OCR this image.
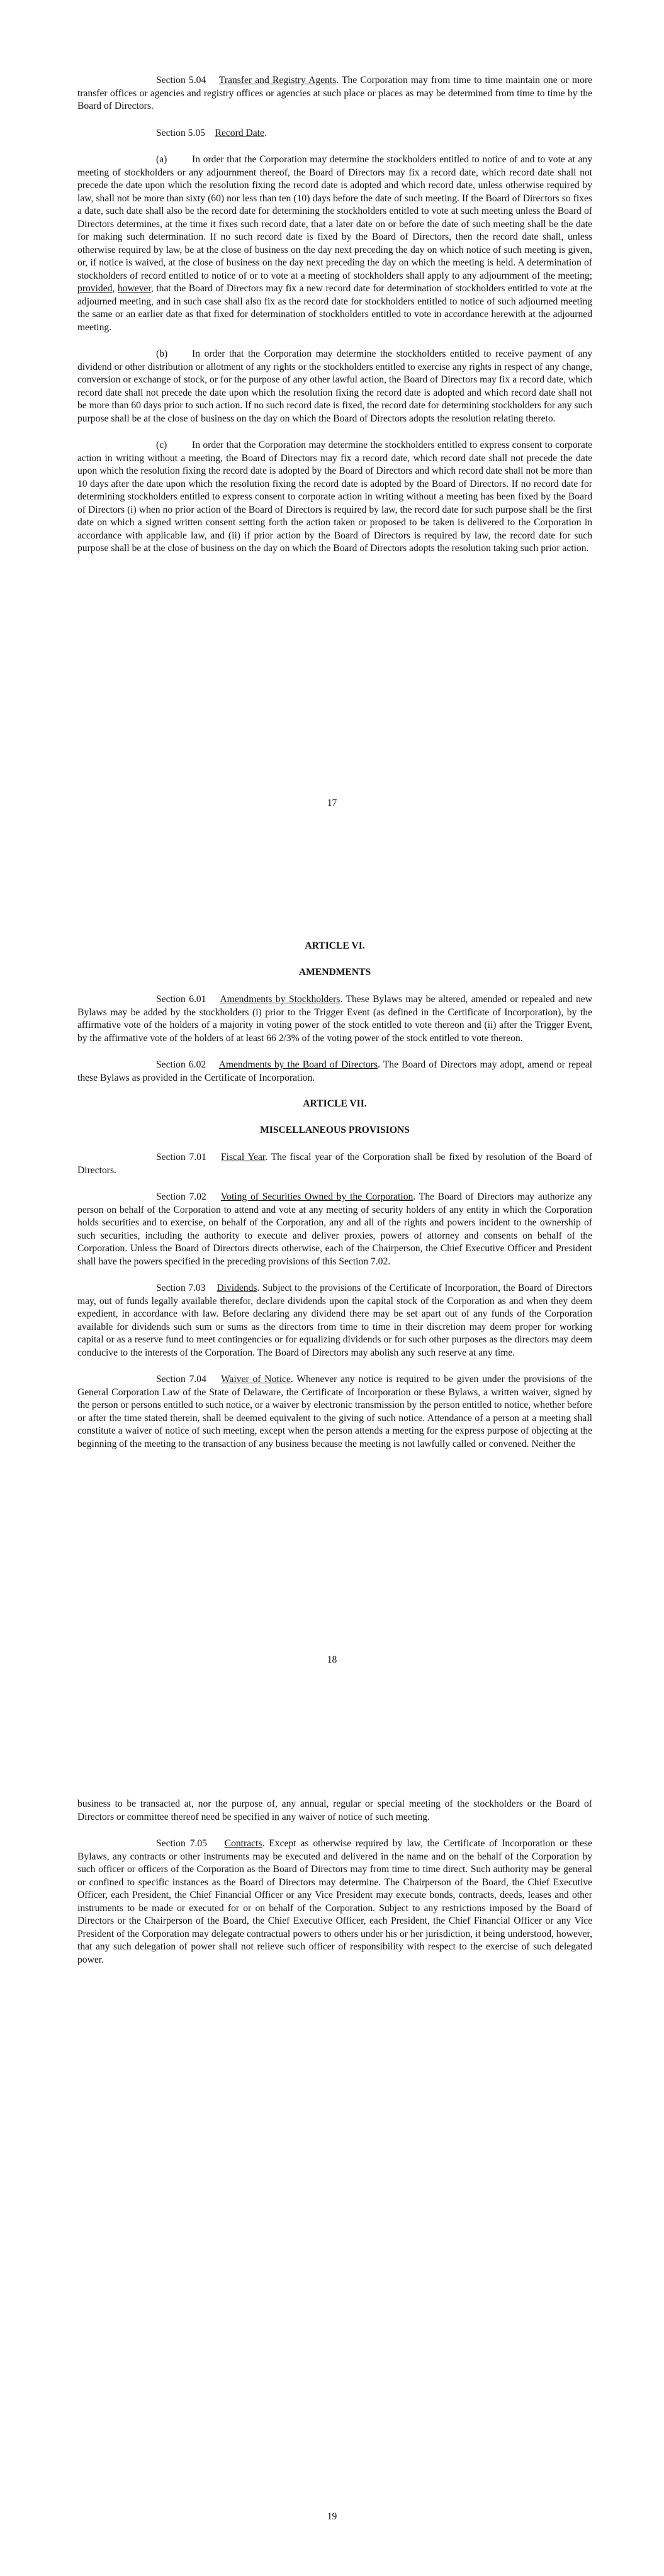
Section 5.04 Transfer and Registry Agents. The Corporation may from time to time maintain one or more transfer offices or agencies and registry offices or agencies at such place or places as may be determined from time to time by the Board of Directors.

Section 5.05 Record Date.

(a)	In order that the Corporation may determine the stockholders entitled to notice of and to vote at any meeting of stockholders or any adjournment thereof, the Board of Directors may fix a record date, which record date shall not precede the date upon which the resolution fixing the record date is adopted and which record date, unless otherwise required by law, shall not be more than sixty (60) nor less than ten (10) days before the date of such meeting. If the Board of Directors so fixes a date, such date shall also be the record date for determining the stockholders entitled to vote at such meeting unless the Board of Directors determines, at the time it fixes such record date, that a later date on or before the date of such meeting shall be the date for making such determination. If no such record date is fixed by the Board of Directors, then the record date shall, unless otherwise required by law, be at the close of business on the day next preceding the day on which notice of such meeting is given, or, if notice is waived, at the close of business on the day next preceding the day on which the meeting is held. A determination of stockholders of record entitled to notice of or to vote at a meeting of stockholders shall apply to any adjournment of the meeting; provided, however, that the Board of Directors may fix a new record date for determination of stockholders entitled to vote at the adjourned meeting, and in such case shall also fix as the record date for stockholders entitled to notice of such adjourned meeting the same or an earlier date as that fixed for determination of stockholders entitled to vote in accordance herewith at the adjourned meeting.

(b) In order that the Corporation may determine the stockholders entitled to receive payment of any dividend or other distribution or allotment of any rights or the stockholders entitled to exercise any rights in respect of any change, conversion or exchange of stock, or for the purpose of any other lawful action, the Board of Directors may fix a record date, which record date shall not precede the date upon which the resolution fixing the record date is adopted and which record date shall not be more than 60 days prior to such action. If no such record date is fixed, the record date for determining stockholders for any such purpose shall be at the close of business on the day on which the Board of Directors adopts the resolution relating thereto.

(c)	In order that the Corporation may determine the stockholders entitled to express consent to corporate action in writing without a meeting, the Board of Directors may fix a record date, which record date shall not precede the date upon which the resolution fixing the record date is adopted by the Board of Directors and which record date shall not be more than 10 days after the date upon which the resolution fixing the record date is adopted by the Board of Directors. If no record date for determining stockholders entitled to express consent to corporate action in writing without a meeting has been fixed by the Board of Directors (i) when no prior action of the Board of Directors is required by law, the record date for such purpose shall be the first date on which a signed written consent setting forth the action taken or proposed to be taken is delivered to the Corporation in accordance with applicable law, and (ii) if prior action by the Board of Directors is required by law, the record date for such purpose shall be at the close of business on the day on which the Board of Directors adopts the resolution taking such prior action.

17
ARTICLE VI.
AMENDMENTS

Section 6.01 Amendments by Stockholders. These Bylaws may be altered, amended or repealed and new Bylaws may be added by the stockholders (i) prior to the Trigger Event (as defined in the Certificate of Incorporation), by the affirmative vote of the holders of a majority in voting power of the stock entitled to vote thereon and (ii) after the Trigger Event, by the affirmative vote of the holders of at least 66 2/3% of the voting power of the stock entitled to vote thereon.

Section 6.02 Amendments by the Board of Directors. The Board of Directors may adopt, amend or repeal these Bylaws as provided in the Certificate of Incorporation.

ARTICLE VII.
MISCELLANEOUS PROVISIONS

Section 7.01 Fiscal Year. The fiscal year of the Corporation shall be fixed by resolution of the Board of Directors.

Section 7.02 Voting of Securities Owned by the Corporation. The Board of Directors may authorize any person on behalf of the Corporation to attend and vote at any meeting of security holders of any entity in which the Corporation holds securities and to exercise, on behalf of the Corporation, any and all of the rights and powers incident to the ownership of such securities, including the authority to execute and deliver proxies, powers of attorney and consents on behalf of the Corporation. Unless the Board of Directors directs otherwise, each of the Chairperson, the Chief Executive Officer and President shall have the powers specified in the preceding provisions of this Section 7.02.

Section 7.03 Dividends. Subject to the provisions of the Certificate of Incorporation, the Board of Directors may, out of funds legally available therefor, declare dividends upon the capital stock of the Corporation as and when they deem expedient, in accordance with law. Before declaring any dividend there may be set apart out of any funds of the Corporation available for dividends such sum or sums as the directors from time to time in their discretion may deem proper for working capital or as a reserve fund to meet contingencies or for equalizing dividends or for such other purposes as the directors may deem conducive to the interests of the Corporation. The Board of Directors may abolish any such reserve at any time.

Section 7.04 Waiver of Notice. Whenever any notice is required to be given under the provisions of the General Corporation Law of the State of Delaware, the Certificate of Incorporation or these Bylaws, a written waiver, signed by the person or persons entitled to such notice, or a waiver by electronic transmission by the person entitled to notice, whether before or after the time stated therein, shall be deemed equivalent to the giving of such notice. Attendance of a person at a meeting shall constitute a waiver of notice of such meeting, except when the person attends a meeting for the express purpose of objecting at the beginning of the meeting to the transaction of any business because the meeting is not lawfully called or convened. Neither the

18

business to be transacted at, nor the purpose of, any annual, regular or special meeting of the stockholders or the Board of Directors or committee thereof need be specified in any waiver of notice of such meeting.

Section 7.05 Contracts. Except as otherwise required by law, the Certificate of Incorporation or these Bylaws, any contracts or other instruments may be executed and delivered in the name and on the behalf of the Corporation by such officer or officers of the Corporation as the Board of Directors may from time to time direct. Such authority may be general or confined to specific instances as the Board of Directors may determine. The Chairperson of the Board, the Chief Executive Officer, each President, the Chief Financial Officer or any Vice President may execute bonds, contracts, deeds, leases and other instruments to be made or executed for or on behalf of the Corporation. Subject to any restrictions imposed by the Board of Directors or the Chairperson of the Board, the Chief Executive Officer, each President, the Chief Financial Officer or any Vice President of the Corporation may delegate contractual powers to others under his or her jurisdiction, it being understood, however, that any such delegation of power shall not relieve such officer of responsibility with respect to the exercise of such delegated power.

19
